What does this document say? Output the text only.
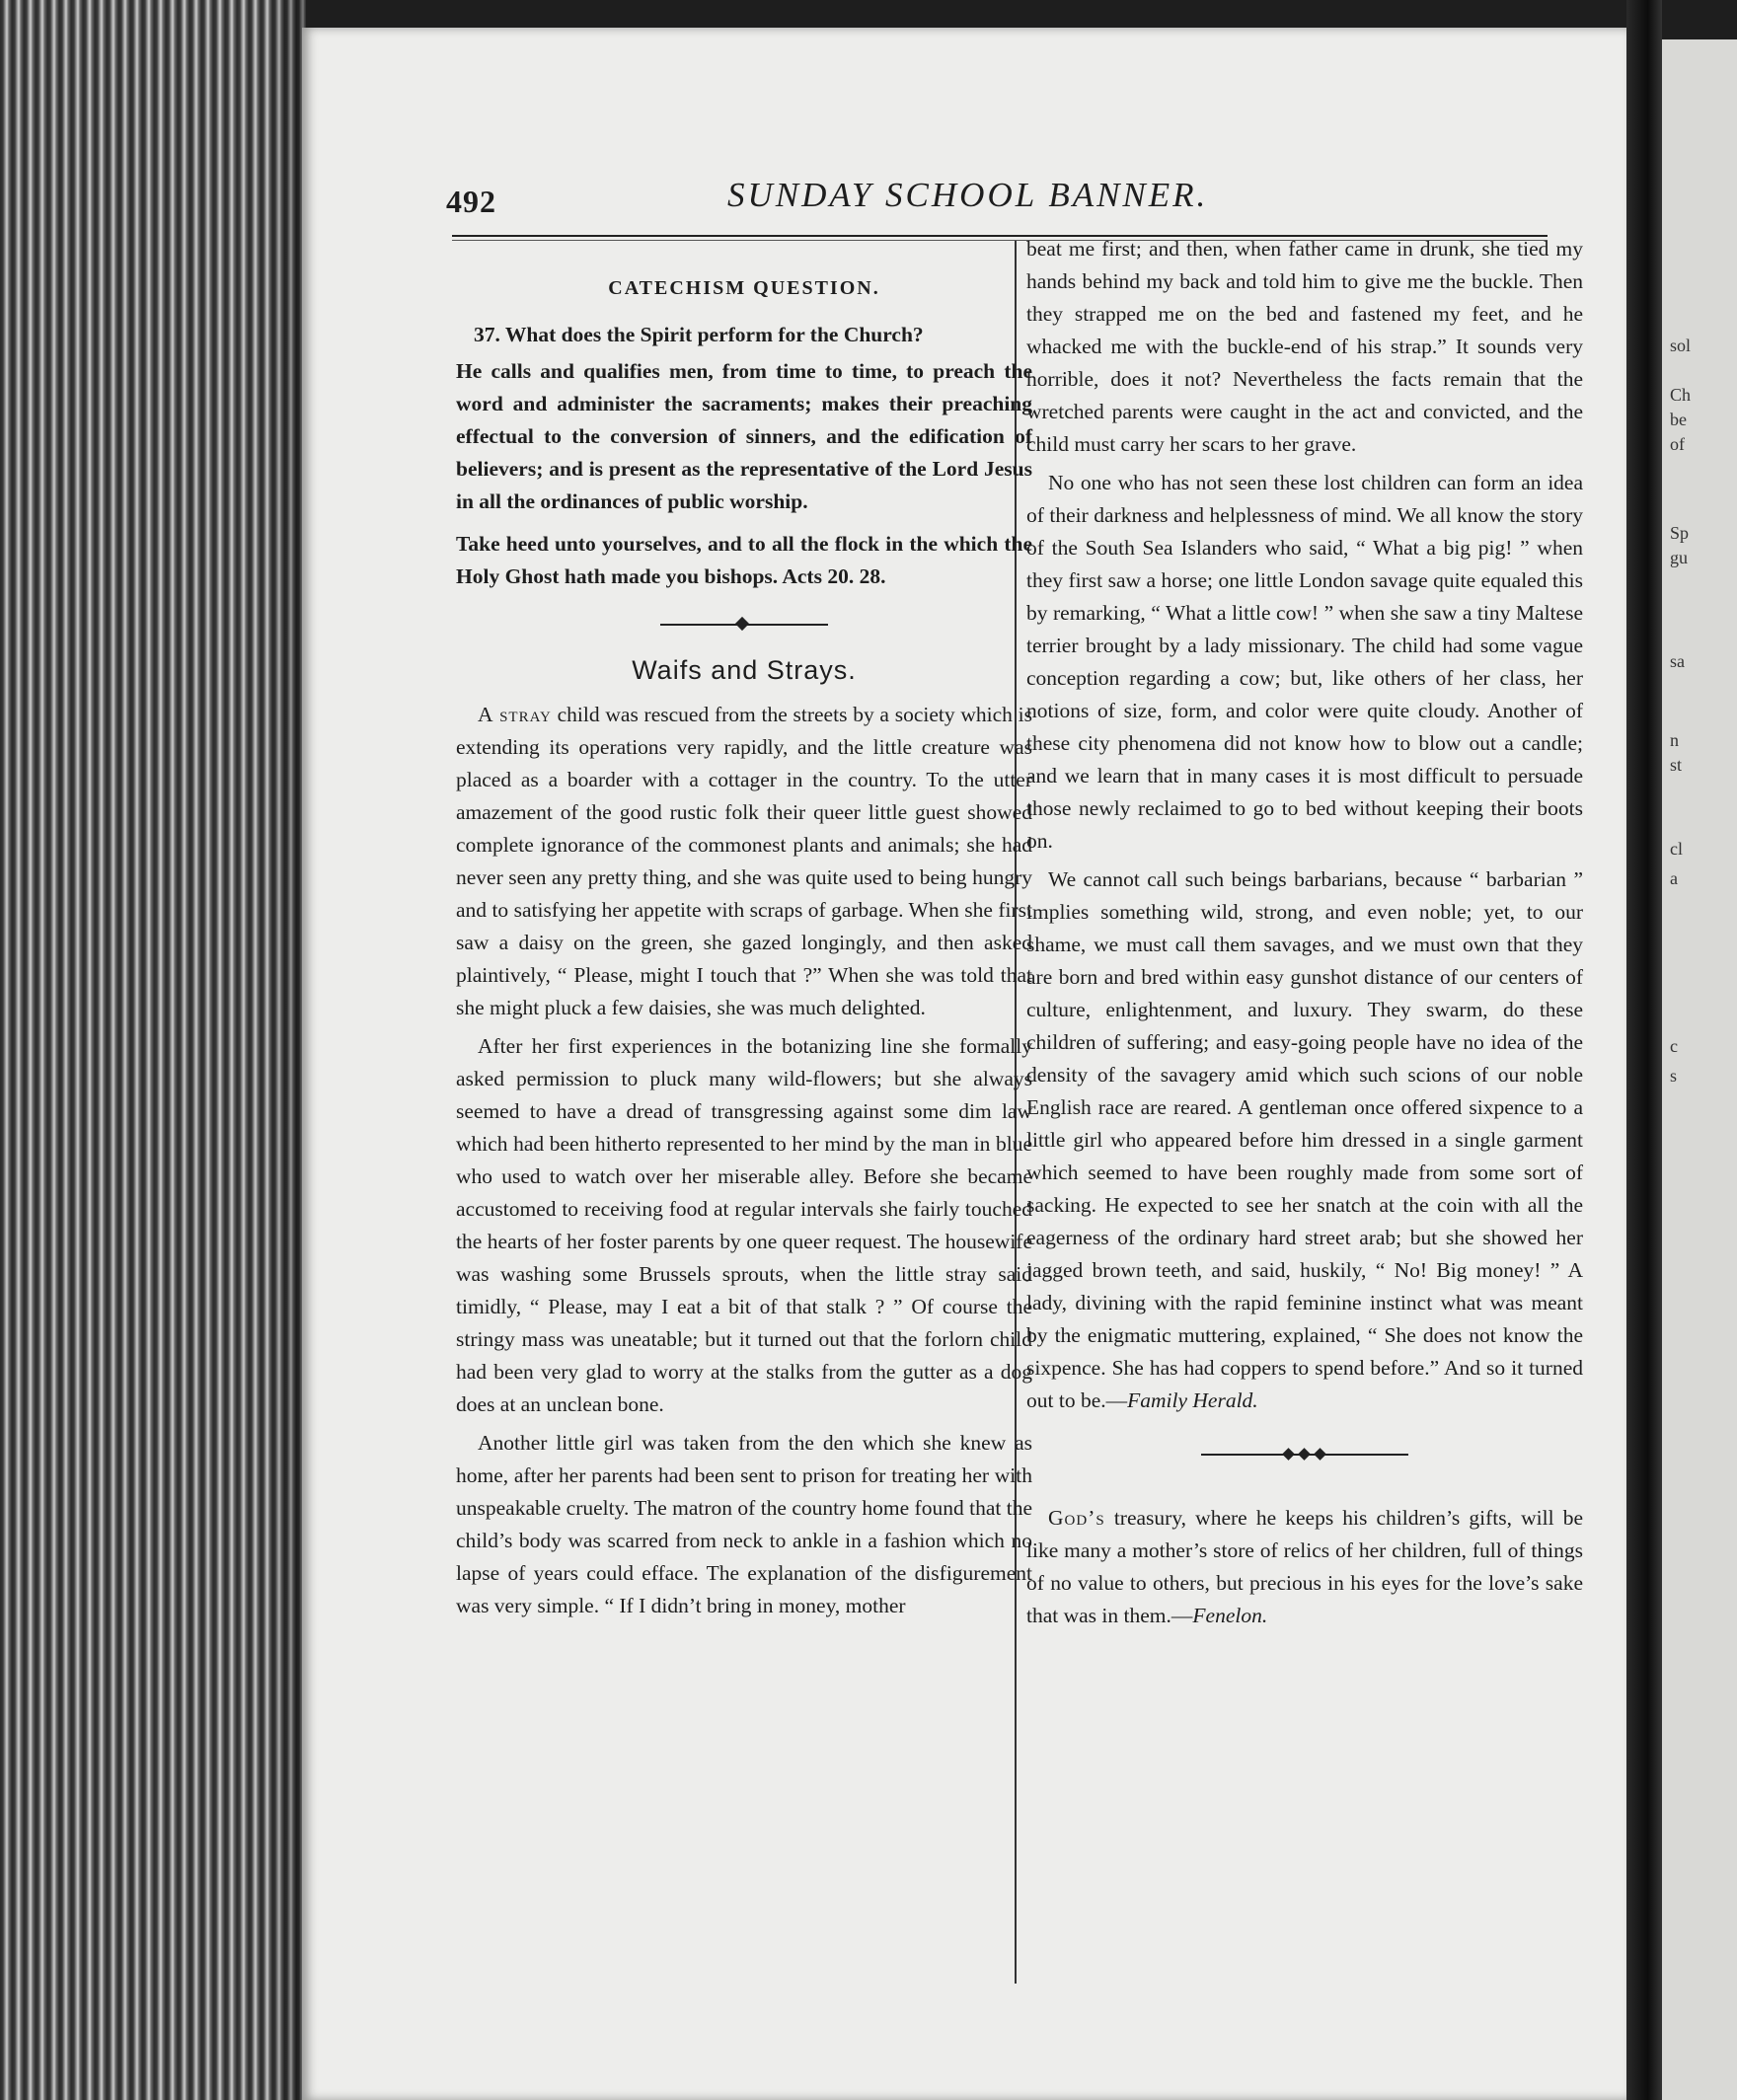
sol
Ch
be
of
Sp
gu
sa
n
st
cl
a
c
s
492	SUNDAY SCHOOL BANNER.
CATECHISM QUESTION.

37. What does the Spirit perform for the Church?

He calls and qualifies men, from time to time, to preach the word and administer the sacraments; makes their preaching effectual to the conversion of sinners, and the edification of believers; and is present as the representative of the Lord Jesus in all the ordinances of public worship.

Take heed unto yourselves, and to all the flock in the which the Holy Ghost hath made you bishops. Acts 20. 28.

Waifs and Strays.

A stray child was rescued from the streets by a society which is extending its operations very rapidly, and the little creature was placed as a boarder with a cottager in the country. To the utter amazement of the good rustic folk their queer little guest showed complete ignorance of the commonest plants and animals; she had never seen any pretty thing, and she was quite used to being hungry and to satisfying her appetite with scraps of garbage. When she first saw a daisy on the green, she gazed longingly, and then asked plaintively, “ Please, might I touch that ?” When she was told that she might pluck a few daisies, she was much delighted.

After her first experiences in the botanizing line she formally asked permission to pluck many wild-flowers; but she always seemed to have a dread of transgressing against some dim law which had been hitherto represented to her mind by the man in blue who used to watch over her miserable alley. Before she became accustomed to receiving food at regular intervals she fairly touched the hearts of her foster parents by one queer request. The housewife was washing some Brussels sprouts, when the little stray said timidly, “ Please, may I eat a bit of that stalk ? ” Of course the stringy mass was uneatable; but it turned out that the forlorn child had been very glad to worry at the stalks from the gutter as a dog does at an unclean bone.

Another little girl was taken from the den which she knew as home, after her parents had been sent to prison for treating her with unspeakable cruelty. The matron of the country home found that the child’s body was scarred from neck to ankle in a fashion which no lapse of years could efface. The explanation of the disfigurement was very simple. “ If I didn’t bring in money, mother

beat me first; and then, when father came in drunk, she tied my hands behind my back and told him to give me the buckle. Then they strapped me on the bed and fastened my feet, and he whacked me with the buckle-end of his strap.” It sounds very horrible, does it not? Nevertheless the facts remain that the wretched parents were caught in the act and convicted, and the child must carry her scars to her grave.

No one who has not seen these lost children can form an idea of their darkness and helplessness of mind. We all know the story of the South Sea Islanders who said, “ What a big pig! ” when they first saw a horse; one little London savage quite equaled this by remarking, “ What a little cow! ” when she saw a tiny Maltese terrier brought by a lady missionary. The child had some vague conception regarding a cow; but, like others of her class, her notions of size, form, and color were quite cloudy. Another of these city phenomena did not know how to blow out a candle; and we learn that in many cases it is most difficult to persuade those newly reclaimed to go to bed without keeping their boots on.

We cannot call such beings barbarians, because “ barbarian ” implies something wild, strong, and even noble; yet, to our shame, we must call them savages, and we must own that they are born and bred within easy gunshot distance of our centers of culture, enlightenment, and luxury. They swarm, do these children of suffering; and easy-going people have no idea of the density of the savagery amid which such scions of our noble English race are reared. A gentleman once offered sixpence to a little girl who appeared before him dressed in a single garment which seemed to have been roughly made from some sort of sacking. He expected to see her snatch at the coin with all the eagerness of the ordinary hard street arab; but she showed her jagged brown teeth, and said, huskily, “ No! Big money! ” A lady, divining with the rapid feminine instinct what was meant by the enigmatic muttering, explained, “ She does not know the sixpence. She has had coppers to spend before.” And so it turned out to be.—Family Herald.

God’s treasury, where he keeps his children’s gifts, will be like many a mother’s store of relics of her children, full of things of no value to others, but precious in his eyes for the love’s sake that was in them.—Fenelon.
